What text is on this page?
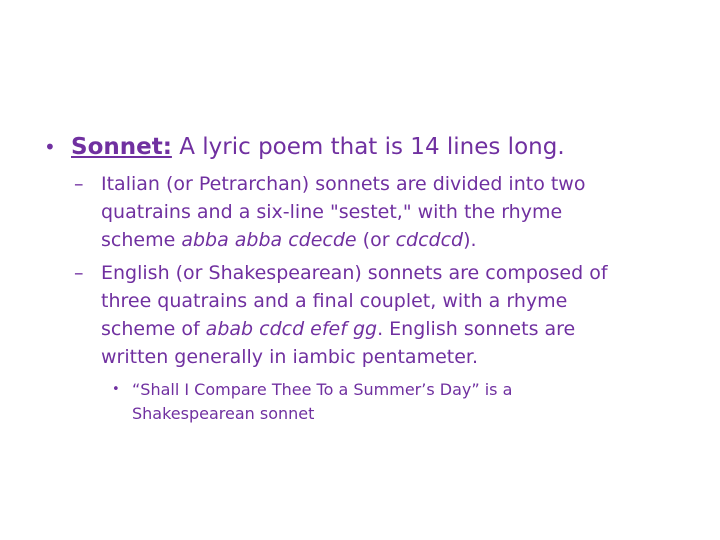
• Sonnet: A lyric poem that is 14 lines long.
– Italian (or Petrarchan) sonnets are divided into two
quatrains and a six-line "sestet," with the rhyme
scheme abba abba cdecde (or cdcdcd).
– English (or Shakespearean) sonnets are composed of
three quatrains and a final couplet, with a rhyme
scheme of abab cdcd efef gg. English sonnets are
written generally in iambic pentameter.
• “Shall I Compare Thee To a Summer’s Day” is a
Shakespearean sonnet
